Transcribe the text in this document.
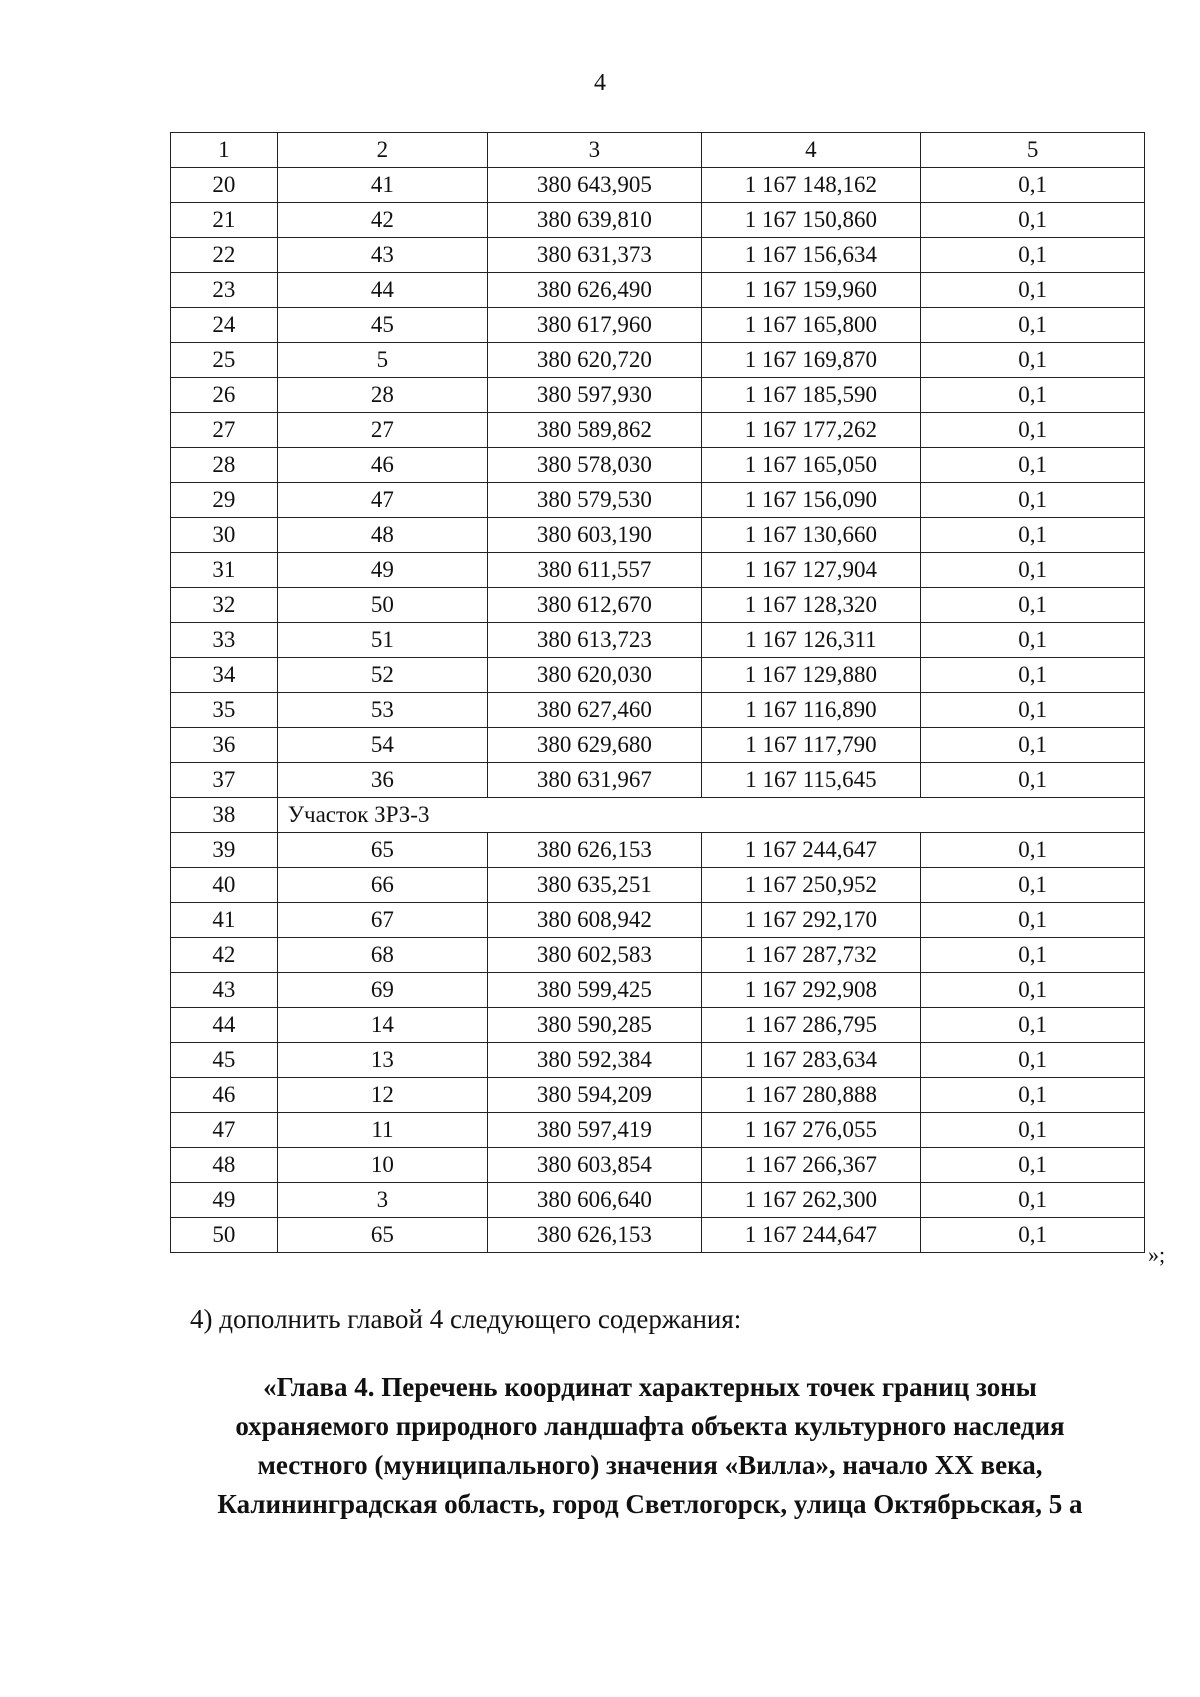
4
1	2	3	4	5
20	41	380 643,905	1 167 148,162	0,1
21	42	380 639,810	1 167 150,860	0,1
22	43	380 631,373	1 167 156,634	0,1
23	44	380 626,490	1 167 159,960	0,1
24	45	380 617,960	1 167 165,800	0,1
25	5	380 620,720	1 167 169,870	0,1
26	28	380 597,930	1 167 185,590	0,1
27	27	380 589,862	1 167 177,262	0,1
28	46	380 578,030	1 167 165,050	0,1
29	47	380 579,530	1 167 156,090	0,1
30	48	380 603,190	1 167 130,660	0,1
31	49	380 611,557	1 167 127,904	0,1
32	50	380 612,670	1 167 128,320	0,1
33	51	380 613,723	1 167 126,311	0,1
34	52	380 620,030	1 167 129,880	0,1
35	53	380 627,460	1 167 116,890	0,1
36	54	380 629,680	1 167 117,790	0,1
37	36	380 631,967	1 167 115,645	0,1
38	Участок ЗРЗ-3			
39	65	380 626,153	1 167 244,647	0,1
40	66	380 635,251	1 167 250,952	0,1
41	67	380 608,942	1 167 292,170	0,1
42	68	380 602,583	1 167 287,732	0,1
43	69	380 599,425	1 167 292,908	0,1
44	14	380 590,285	1 167 286,795	0,1
45	13	380 592,384	1 167 283,634	0,1
46	12	380 594,209	1 167 280,888	0,1
47	11	380 597,419	1 167 276,055	0,1
48	10	380 603,854	1 167 266,367	0,1
49	3	380 606,640	1 167 262,300	0,1
50	65	380 626,153	1 167 244,647	0,1
»;
4) дополнить главой 4 следующего содержания:
«Глава 4. Перечень координат характерных точек границ зоны
охраняемого природного ландшафта объекта культурного наследия
местного (муниципального) значения «Вилла», начало XX века,
Калининградская область, город Светлогорск, улица Октябрьская, 5 а
